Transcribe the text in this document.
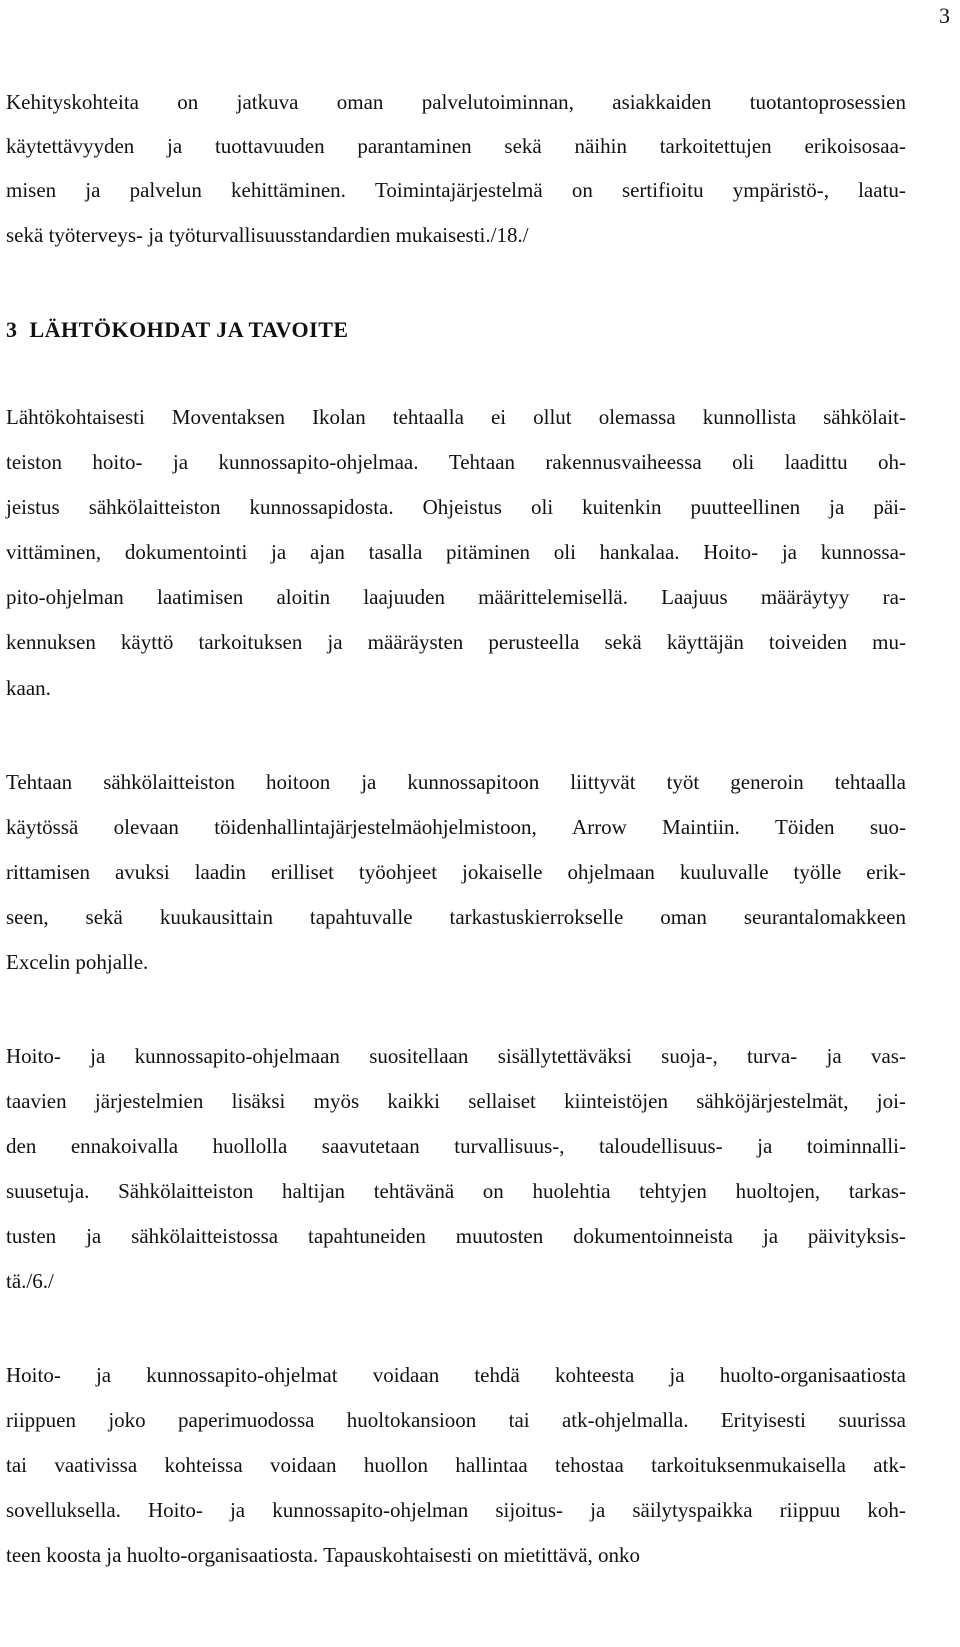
3
Kehityskohteita on jatkuva oman palvelutoiminnan, asiakkaiden tuotantoprosessien
käytettävyyden ja tuottavuuden parantaminen sekä näihin tarkoitettujen erikoisosaa-
misen ja palvelun kehittäminen. Toimintajärjestelmä on sertifioitu ympäristö-, laatu-
sekä työterveys- ja työturvallisuusstandardien mukaisesti./18./
3  LÄHTÖKOHDAT JA TAVOITE
Lähtökohtaisesti Moventaksen Ikolan tehtaalla ei ollut olemassa kunnollista sähkölait-
teiston hoito- ja kunnossapito-ohjelmaa. Tehtaan rakennusvaiheessa oli laadittu oh-
jeistus sähkölaitteiston kunnossapidosta. Ohjeistus oli kuitenkin puutteellinen ja päi-
vittäminen, dokumentointi ja ajan tasalla pitäminen oli hankalaa. Hoito- ja kunnossa-
pito-ohjelman laatimisen aloitin laajuuden määrittelemisellä. Laajuus määräytyy ra-
kennuksen käyttö tarkoituksen ja määräysten perusteella sekä käyttäjän toiveiden mu-
kaan.
Tehtaan sähkölaitteiston hoitoon ja kunnossapitoon liittyvät työt generoin tehtaalla
käytössä olevaan töidenhallintajärjestelmäohjelmistoon, Arrow Maintiin. Töiden suo-
rittamisen avuksi laadin erilliset työohjeet jokaiselle ohjelmaan kuuluvalle työlle erik-
seen, sekä kuukausittain tapahtuvalle tarkastuskierrokselle oman seurantalomakkeen
Excelin pohjalle.
Hoito- ja kunnossapito-ohjelmaan suositellaan sisällytettäväksi suoja-, turva- ja vas-
taavien järjestelmien lisäksi myös kaikki sellaiset kiinteistöjen sähköjärjestelmät, joi-
den ennakoivalla huollolla saavutetaan turvallisuus-, taloudellisuus- ja toiminnalli-
suusetuja. Sähkölaitteiston haltijan tehtävänä on huolehtia tehtyjen huoltojen, tarkas-
tusten ja sähkölaitteistossa tapahtuneiden muutosten dokumentoinneista ja päivityksis-
tä./6./
Hoito- ja kunnossapito-ohjelmat voidaan tehdä kohteesta ja huolto-organisaatiosta
riippuen joko paperimuodossa huoltokansioon tai atk-ohjelmalla. Erityisesti suurissa
tai vaativissa kohteissa voidaan huollon hallintaa tehostaa tarkoituksenmukaisella atk-
sovelluksella. Hoito- ja kunnossapito-ohjelman sijoitus- ja säilytyspaikka riippuu koh-
teen koosta ja huolto-organisaatiosta. Tapauskohtaisesti on mietittävä, onko
